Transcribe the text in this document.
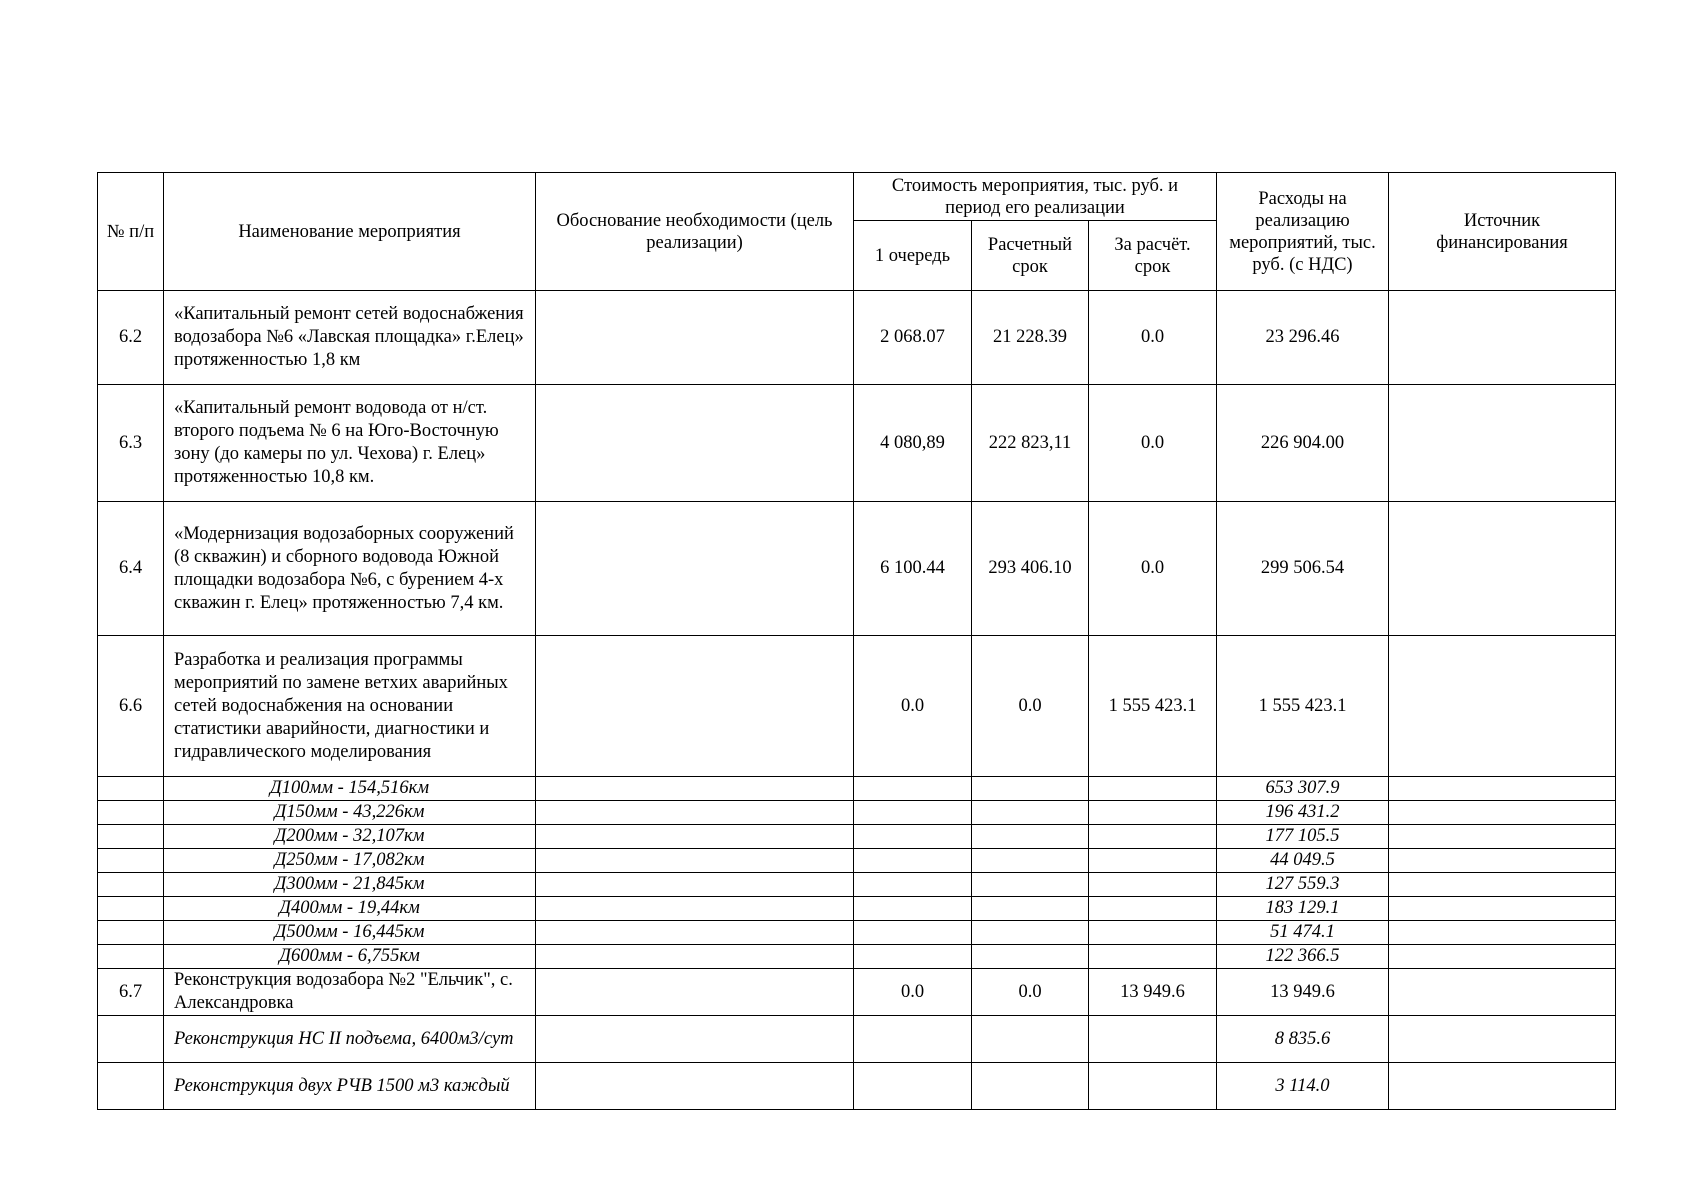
№ п/п	Наименование мероприятия	Обоснование необходимости (цель реализации)	Стоимость мероприятия, тыс. руб. и период его реализации			Расходы на реализацию мероприятий, тыс. руб. (с НДС)	Источник финансирования
			1 очередь	Расчетный срок	За расчёт. срок		
6.2	«Капитальный ремонт сетей водоснабжения водозабора №6 «Лавская площадка» г.Елец» протяженностью 1,8 км		2 068.07	21 228.39	0.0	23 296.46	
6.3	«Капитальный ремонт водовода от н/ст. второго подъема № 6 на Юго-Восточную зону (до камеры по ул. Чехова) г. Елец» протяженностью 10,8 км.		4 080,89	222 823,11	0.0	226 904.00	
6.4	«Модернизация водозаборных сооружений (8 скважин) и сборного водовода Южной площадки водозабора №6, с бурением 4-х скважин г. Елец» протяженностью 7,4 км.		6 100.44	293 406.10	0.0	299 506.54	
6.6	Разработка и реализация программы мероприятий по замене ветхих аварийных сетей водоснабжения на основании статистики аварийности, диагностики и гидравлического моделирования		0.0	0.0	1 555 423.1	1 555 423.1	
	Д100мм - 154,516км					653 307.9	
	Д150мм - 43,226км					196 431.2	
	Д200мм - 32,107км					177 105.5	
	Д250мм - 17,082км					44 049.5	
	Д300мм - 21,845км					127 559.3	
	Д400мм - 19,44км					183 129.1	
	Д500мм - 16,445км					51 474.1	
	Д600мм - 6,755км					122 366.5	
6.7	Реконструкция водозабора №2 "Ельчик", с. Александровка		0.0	0.0	13 949.6	13 949.6	
	Реконструкция НС II подъема, 6400м3/сут					8 835.6	
	Реконструкция двух РЧВ 1500 м3 каждый					3 114.0	
